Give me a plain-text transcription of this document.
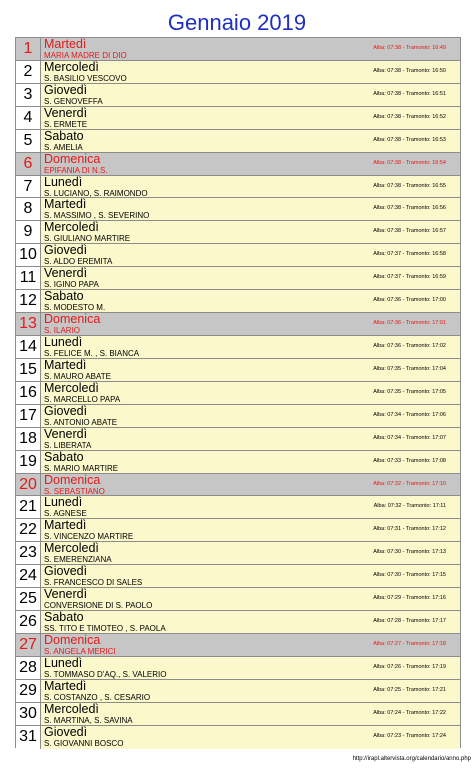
Gennaio 2019
1 Martedì
MARIA MADRE DI DIO
Alba: 07:38 - Tramonto: 16:49
2 Mercoledì
S. BASILIO VESCOVO
Alba: 07:38 - Tramonto: 16:50
3 Giovedì
S. GENOVEFFA
Alba: 07:38 - Tramonto: 16:51
4 Venerdì
S. ERMETE
Alba: 07:38 - Tramonto: 16:52
5 Sabato
S. AMELIA
Alba: 07:38 - Tramonto: 16:53
6 Domenica
EPIFANIA DI N.S.
Alba: 07:38 - Tramonto: 16:54
7 Lunedì
S. LUCIANO, S. RAIMONDO
Alba: 07:38 - Tramonto: 16:55
8 Martedì
S. MASSIMO , S. SEVERINO
Alba: 07:38 - Tramonto: 16:56
9 Mercoledì
S. GIULIANO MARTIRE
Alba: 07:38 - Tramonto: 16:57
10 Giovedì
S. ALDO EREMITA
Alba: 07:37 - Tramonto: 16:58
11 Venerdì
S. IGINO PAPA
Alba: 07:37 - Tramonto: 16:59
12 Sabato
S. MODESTO M.
Alba: 07:36 - Tramonto: 17:00
13 Domenica
S. ILARIO
Alba: 07:36 - Tramonto: 17:01
14 Lunedì
S. FELICE M. , S. BIANCA
Alba: 07:36 - Tramonto: 17:02
15 Martedì
S. MAURO ABATE
Alba: 07:35 - Tramonto: 17:04
16 Mercoledì
S. MARCELLO PAPA
Alba: 07:35 - Tramonto: 17:05
17 Giovedì
S. ANTONIO ABATE
Alba: 07:34 - Tramonto: 17:06
18 Venerdì
S. LIBERATA
Alba: 07:34 - Tramonto: 17:07
19 Sabato
S. MARIO MARTIRE
Alba: 07:33 - Tramonto: 17:08
20 Domenica
S. SEBASTIANO
Alba: 07:32 - Tramonto: 17:10
21 Lunedì
S. AGNESE
Alba: 07:32 - Tramonto: 17:11
22 Martedì
S. VINCENZO MARTIRE
Alba: 07:31 - Tramonto: 17:12
23 Mercoledì
S. EMERENZIANA
Alba: 07:30 - Tramonto: 17:13
24 Giovedì
S. FRANCESCO DI SALES
Alba: 07:30 - Tramonto: 17:15
25 Venerdì
CONVERSIONE DI S. PAOLO
Alba: 07:29 - Tramonto: 17:16
26 Sabato
SS. TITO E TIMOTEO , S. PAOLA
Alba: 07:28 - Tramonto: 17:17
27 Domenica
S. ANGELA MERICI
Alba: 07:27 - Tramonto: 17:18
28 Lunedì
S. TOMMASO D'AQ., S. VALERIO
Alba: 07:26 - Tramonto: 17:19
29 Martedì
S. COSTANZO , S. CESARIO
Alba: 07:25 - Tramonto: 17:21
30 Mercoledì
S. MARTINA, S. SAVINA
Alba: 07:24 - Tramonto: 17:22
31 Giovedì
S. GIOVANNI BOSCO
Alba: 07:23 - Tramonto: 17:24
http://irapl.altervista.org/calendario/anno.php
